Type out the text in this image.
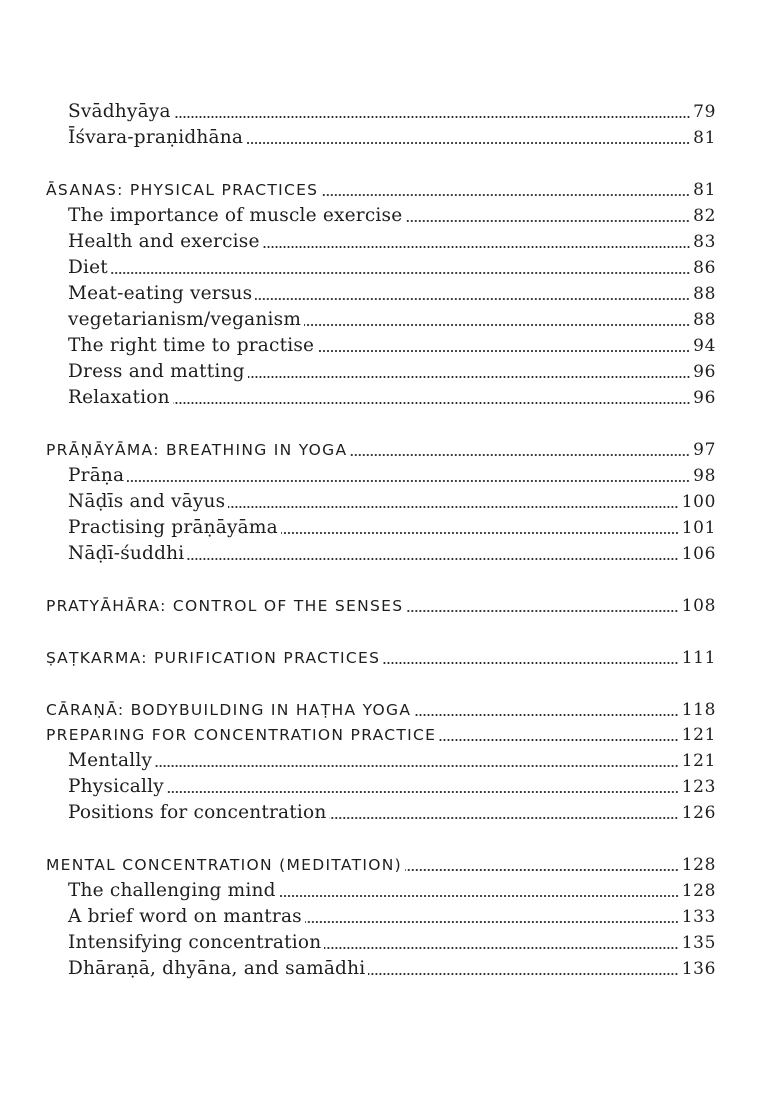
Svādhyāya	79
Īśvara-praṇidhāna	81
ĀSANAS: PHYSICAL PRACTICES	81
The importance of muscle exercise	82
Health and exercise	83
Diet	86
Meat-eating versus	88
vegetarianism/veganism	88
The right time to practise	94
Dress and matting	96
Relaxation	96
PRĀṆĀYĀMA: BREATHING IN YOGA	97
Prāṇa	98
Nāḍīs and vāyus	100
Practising prāṇāyāma	101
Nāḍī-śuddhi	106
PRATYĀHĀRA: CONTROL OF THE SENSES	108
ṢAṬKARMA: PURIFICATION PRACTICES	111
CĀRAṆĀ: BODYBUILDING IN HAṬHA YOGA	118
PREPARING FOR CONCENTRATION PRACTICE	121
Mentally	121
Physically	123
Positions for concentration	126
MENTAL CONCENTRATION (MEDITATION)	128
The challenging mind	128
A brief word on mantras	133
Intensifying concentration	135
Dhāraṇā, dhyāna, and samādhi	136
